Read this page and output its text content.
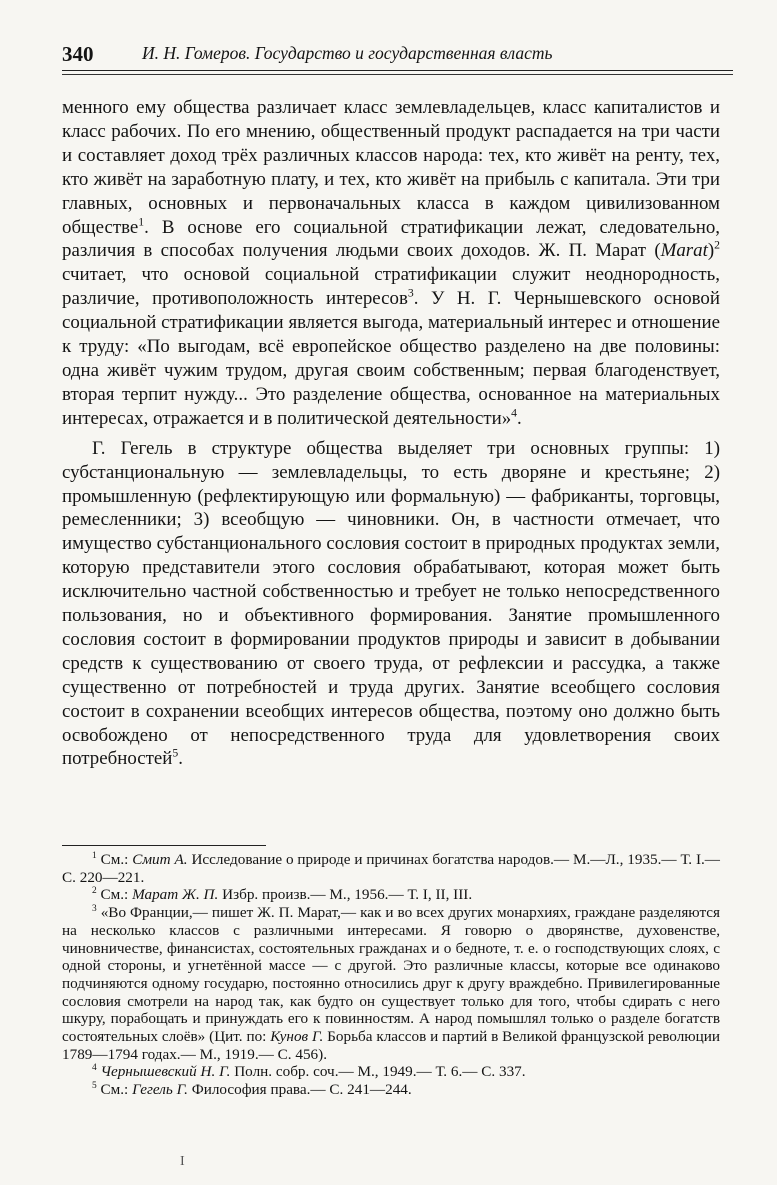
340	И. Н. Гомеров. Государство и государственная власть

менного ему общества различает класс землевладельцев, класс капиталистов и класс рабочих. По его мнению, общественный продукт распадается на три части и составляет доход трёх различных классов народа: тех, кто живёт на ренту, тех, кто живёт на заработную плату, и тех, кто живёт на прибыль с капитала. Эти три главных, основных и первоначальных класса в каждом цивилизованном обществе$^1$. В основе его социальной стратификации лежат, следовательно, различия в способах получения людьми своих доходов. Ж. П. Марат (Marat)$^2$ считает, что основой социальной стратификации служит неоднородность, различие, противоположность интересов$^3$. У Н. Г. Чернышевского основой социальной стратификации является выгода, материальный интерес и отношение к труду: «По выгодам, всё европейское общество разделено на две половины: одна живёт чужим трудом, другая своим собственным; первая благоденствует, вторая терпит нужду... Это разделение общества, основанное на материальных интересах, отражается и в политической деятельности»$^4$.

Г. Гегель в структуре общества выделяет три основных группы: 1) субстанциональную — землевладельцы, то есть дворяне и крестьяне; 2) промышленную (рефлектирующую или формальную) — фабриканты, торговцы, ремесленники; 3) всеобщую — чиновники. Он, в частности отмечает, что имущество субстанционального сословия состоит в природных продуктах земли, которую представители этого сословия обрабатывают, которая может быть исключительно частной собственностью и требует не только непосредственного пользования, но и объективного формирования. Занятие промышленного сословия состоит в формировании продуктов природы и зависит в добывании средств к существованию от своего труда, от рефлексии и рассудка, а также существенно от потребностей и труда других. Занятие всеобщего сословия состоит в сохранении всеобщих интересов общества, поэтому оно должно быть освобождено от непосредственного труда для удовлетворения своих потребностей$^5$.

$^1$ См.: Смит А. Исследование о природе и причинах богатства народов.— М.—Л., 1935.— Т. I.— С. 220—221.

$^2$ См.: Марат Ж. П. Избр. произв.— М., 1956.— Т. I, II, III.

$^3$ «Во Франции,— пишет Ж. П. Марат,— как и во всех других монархиях, граждане разделяются на несколько классов с различными интересами. Я говорю о дворянстве, духовенстве, чиновничестве, финансистах, состоятельных гражданах и о бедноте, т. е. о господствующих слоях, с одной стороны, и угнетённой массе — с другой. Это различные классы, которые все одинаково подчиняются одному государю, постоянно относились друг к другу враждебно. Привилегированные сословия смотрели на народ так, как будто он существует только для того, чтобы сдирать с него шкуру, порабощать и принуждать его к повинностям. А народ помышлял только о разделе богатств состоятельных слоёв» (Цит. по: Кунов Г. Борьба классов и партий в Великой французской революции 1789—1794 годах.— М., 1919.— С. 456).

$^4$ Чернышевский Н. Г. Полн. собр. соч.— М., 1949.— Т. 6.— С. 337.

$^5$ См.: Гегель Г. Философия права.— С. 241—244.

I
